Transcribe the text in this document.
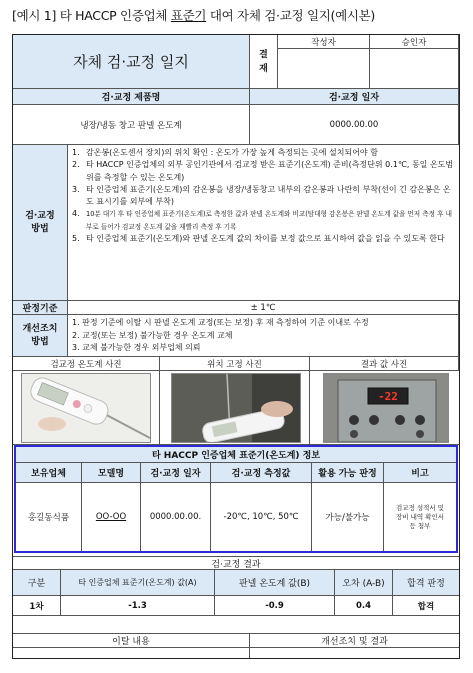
[예시 1] 타 HACCP 인증업체 표준기 대여 자체 검·교정 일지(예시본)
자체 검·교정 일지	결
재
작성자	승인자
검·교정 제품명	검·교정 일자
냉장/냉동 창고 판넬 온도계	0000.00.00
검·교정
방법
1. 감온봉(온도센서 장치)의 위치 확인 : 온도가 가장 높게 측정되는 곳에 설치되어야 함
2. 타 HACCP 인증업체의 외부 공인기관에서 검교정 받은 표준기(온도계) 준비(측정단위 0.1℃, 동일 온도범위를 측정할 수 있는 온도계)
3. 타 인증업체 표준기(온도계)의 감온봉을 냉장/냉동창고 내부의 감온봉과 나란히 부착(선이 긴 감온봉은 온도 표시기를 외부에 부착)
4. 10분 대기 후 타 인증업체 표준기(온도계)로 측정한 값과 판넬 온도계와 비교(탐대형 감온봉은 판넬 온도계 값을 먼저 측정 후 내부로 들어가 검교정 온도계 값을 재빨리 측정 후 기록
5. 타 인증업체 표준기(온도계)와 판넬 온도계 값의 차이를 보정 값으로 표시하여 값을 읽을 수 있도록 한다
판정기준	± 1℃
개선조치
방법
1. 판정 기준에 이탈 시 판넬 온도계 교정(또는 보정) 후 재 측정하여 기준 이내로 수정
2. 교정(또는 보정) 불가능한 경우 온도계 교체
3. 교체 불가능한 경우 외부업체 의뢰
검교정 온도계 사진	위치 고정 사진	결과 값 사진
-22
타 HACCP 인증업체 표준기(온도계) 정보
보유업체	모델명	검·교정 일자	검·교정 측정값	활용 가능 판정	비고
홍길동식품	OO-OO	0000.00.00.	-20℃, 10℃, 50℃	가능/불가능
검교정 성적서 및 장비 내역 확인서 등 첨부
검·교정 결과
구분	타 인증업체 표준기(온도계) 값(A)	판넬 온도계 값(B)	오차 (A-B)	합격 판정
1차	-1.3	-0.9	0.4	합격
이탈 내용	개선조치 및 결과
